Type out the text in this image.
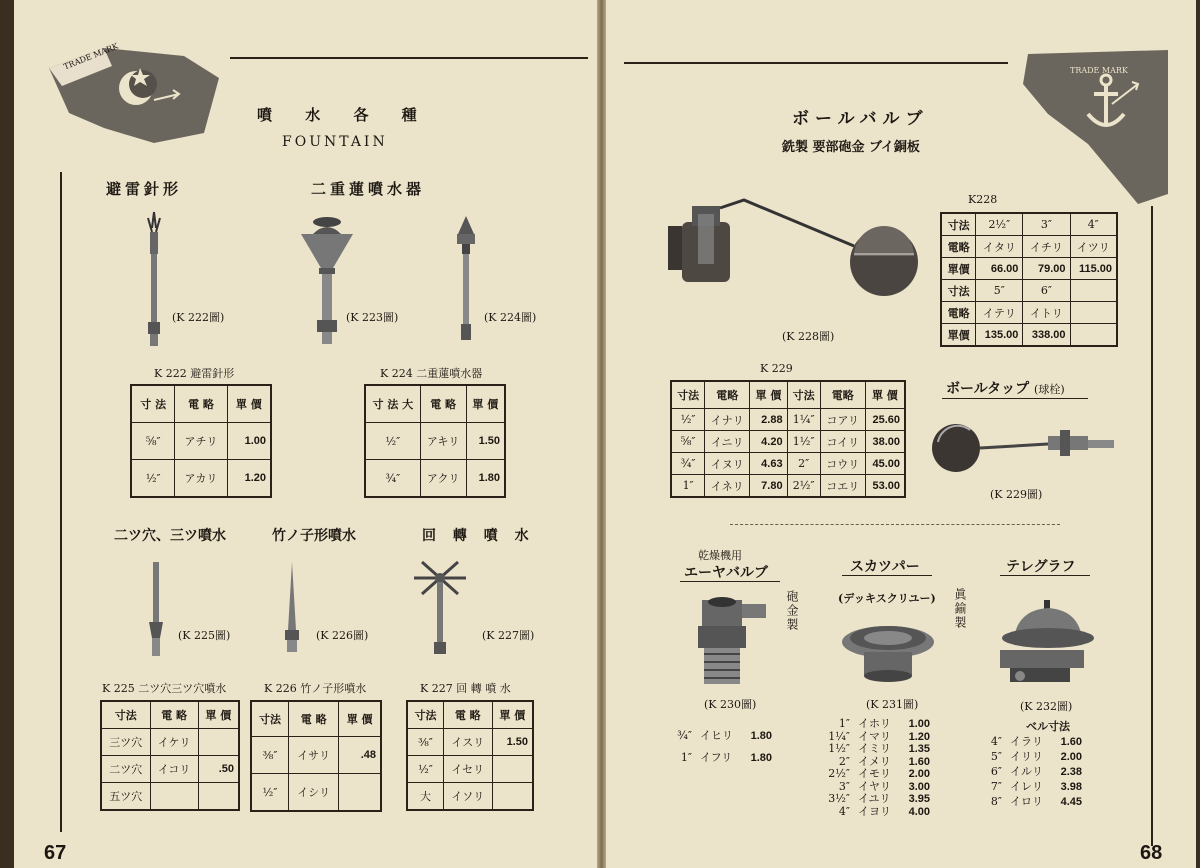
TRADE MARK
噴 水 各 種
FOUNTAIN
避雷針形	二重蓮噴水器
(K 222圖)	(K 223圖)	(K 224圖)
K 222 避雷針形
寸 法	電 略	單 價
⅝″	アチリ	1.00
½″	アカリ	1.20
K 224 二重蓮噴水器
寸 法 大	電 略	單 價
½″	アキリ	1.50
¾″	アクリ	1.80
二ツ穴、三ツ噴水	竹ノ子形噴水	回 轉 噴 水
(K 225圖)	(K 226圖)	(K 227圖)
K 225 二ツ穴三ツ穴噴水
寸法	電 略	單 價
三ツ穴	イケリ	
二ツ穴	イコリ	.50
五ツ穴		
K 226 竹ノ子形噴水
寸法	電 略	單 價
⅜″	イサリ	.48
½″	イシリ	
K 227 回 轉 噴 水
寸法	電 略	單 價
⅜″	イスリ	1.50
½″	イセリ	
大	イソリ	
67
TRADE MARK
ボールバルブ
銑製 要部砲金 ブイ銅板
(K 228圖)
K228
寸法	2½″	3″	4″
電略	イタリ	イチリ	イツリ
單價	66.00	79.00	115.00
寸法	5″	6″	
電略	イテリ	イトリ	
單價	135.00	338.00	
K 229
寸法	電略	單 價	寸法	電略	單 價
½″	イナリ	2.88	1¼″	コアリ	25.60
⅝″	イニリ	4.20	1½″	コイリ	38.00
¾″	イヌリ	4.63	2″	コウリ	45.00
1″	イネリ	7.80	2½″	コエリ	53.00
ボールタップ (球栓)
(K 229圖)
乾燥機用
エーヤバルブ
砲金製
(K 230圖)
¾″ イヒリ	1.80
1″ イフリ	1.80
スカツパー
(デッキスクリユー) 眞鍮製
(K 231圖)
1″ イホリ	1.00
1¼″ イマリ	1.20
1½″ イミリ	1.35
2″ イメリ	1.60
2½″ イモリ	2.00
3″ イヤリ	3.00
3½″ イユリ	3.95
4″ イヨリ	4.00
テレグラフ
(K 232圖)
ベル寸法
4″ イラリ	1.60
5″ イリリ	2.00
6″ イルリ	2.38
7″ イレリ	3.98
8″ イロリ	4.45
68
